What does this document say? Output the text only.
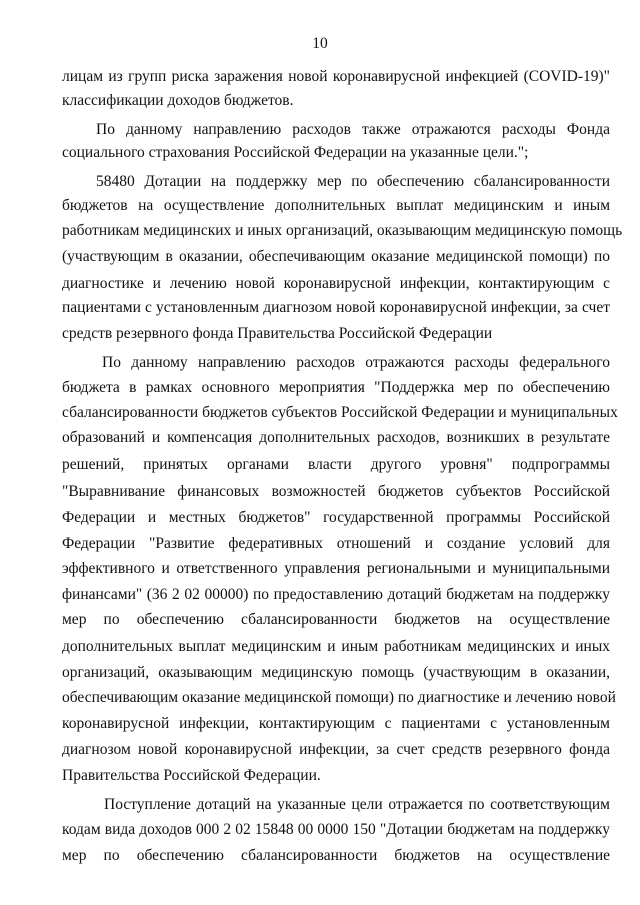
10
лицам из групп риска заражения новой коронавирусной инфекцией (COVID-19)"
классификации доходов бюджетов.
По данному направлению расходов также отражаются расходы Фонда
социального страхования Российской Федерации на указанные цели.";
58480 Дотации на поддержку мер по обеспечению сбалансированности
бюджетов на осуществление дополнительных выплат медицинским и иным
работникам медицинских и иных организаций, оказывающим медицинскую помощь
(участвующим в оказании, обеспечивающим оказание медицинской помощи) по
диагностике и лечению новой коронавирусной инфекции, контактирующим с
пациентами с установленным диагнозом новой коронавирусной инфекции, за счет
средств резервного фонда Правительства Российской Федерации
По данному направлению расходов отражаются расходы федерального
бюджета в рамках основного мероприятия "Поддержка мер по обеспечению
сбалансированности бюджетов субъектов Российской Федерации и муниципальных
образований и компенсация дополнительных расходов, возникших в результате
решений, принятых органами власти другого уровня" подпрограммы
"Выравнивание финансовых возможностей бюджетов субъектов Российской
Федерации и местных бюджетов" государственной программы Российской
Федерации "Развитие федеративных отношений и создание условий для
эффективного и ответственного управления региональными и муниципальными
финансами" (36 2 02 00000) по предоставлению дотаций бюджетам на поддержку
мер по обеспечению сбалансированности бюджетов на осуществление
дополнительных выплат медицинским и иным работникам медицинских и иных
организаций, оказывающим медицинскую помощь (участвующим в оказании,
обеспечивающим оказание медицинской помощи) по диагностике и лечению новой
коронавирусной инфекции, контактирующим с пациентами с установленным
диагнозом новой коронавирусной инфекции, за счет средств резервного фонда
Правительства Российской Федерации.
Поступление дотаций на указанные цели отражается по соответствующим
кодам вида доходов 000 2 02 15848 00 0000 150 "Дотации бюджетам на поддержку
мер по обеспечению сбалансированности бюджетов на осуществление
